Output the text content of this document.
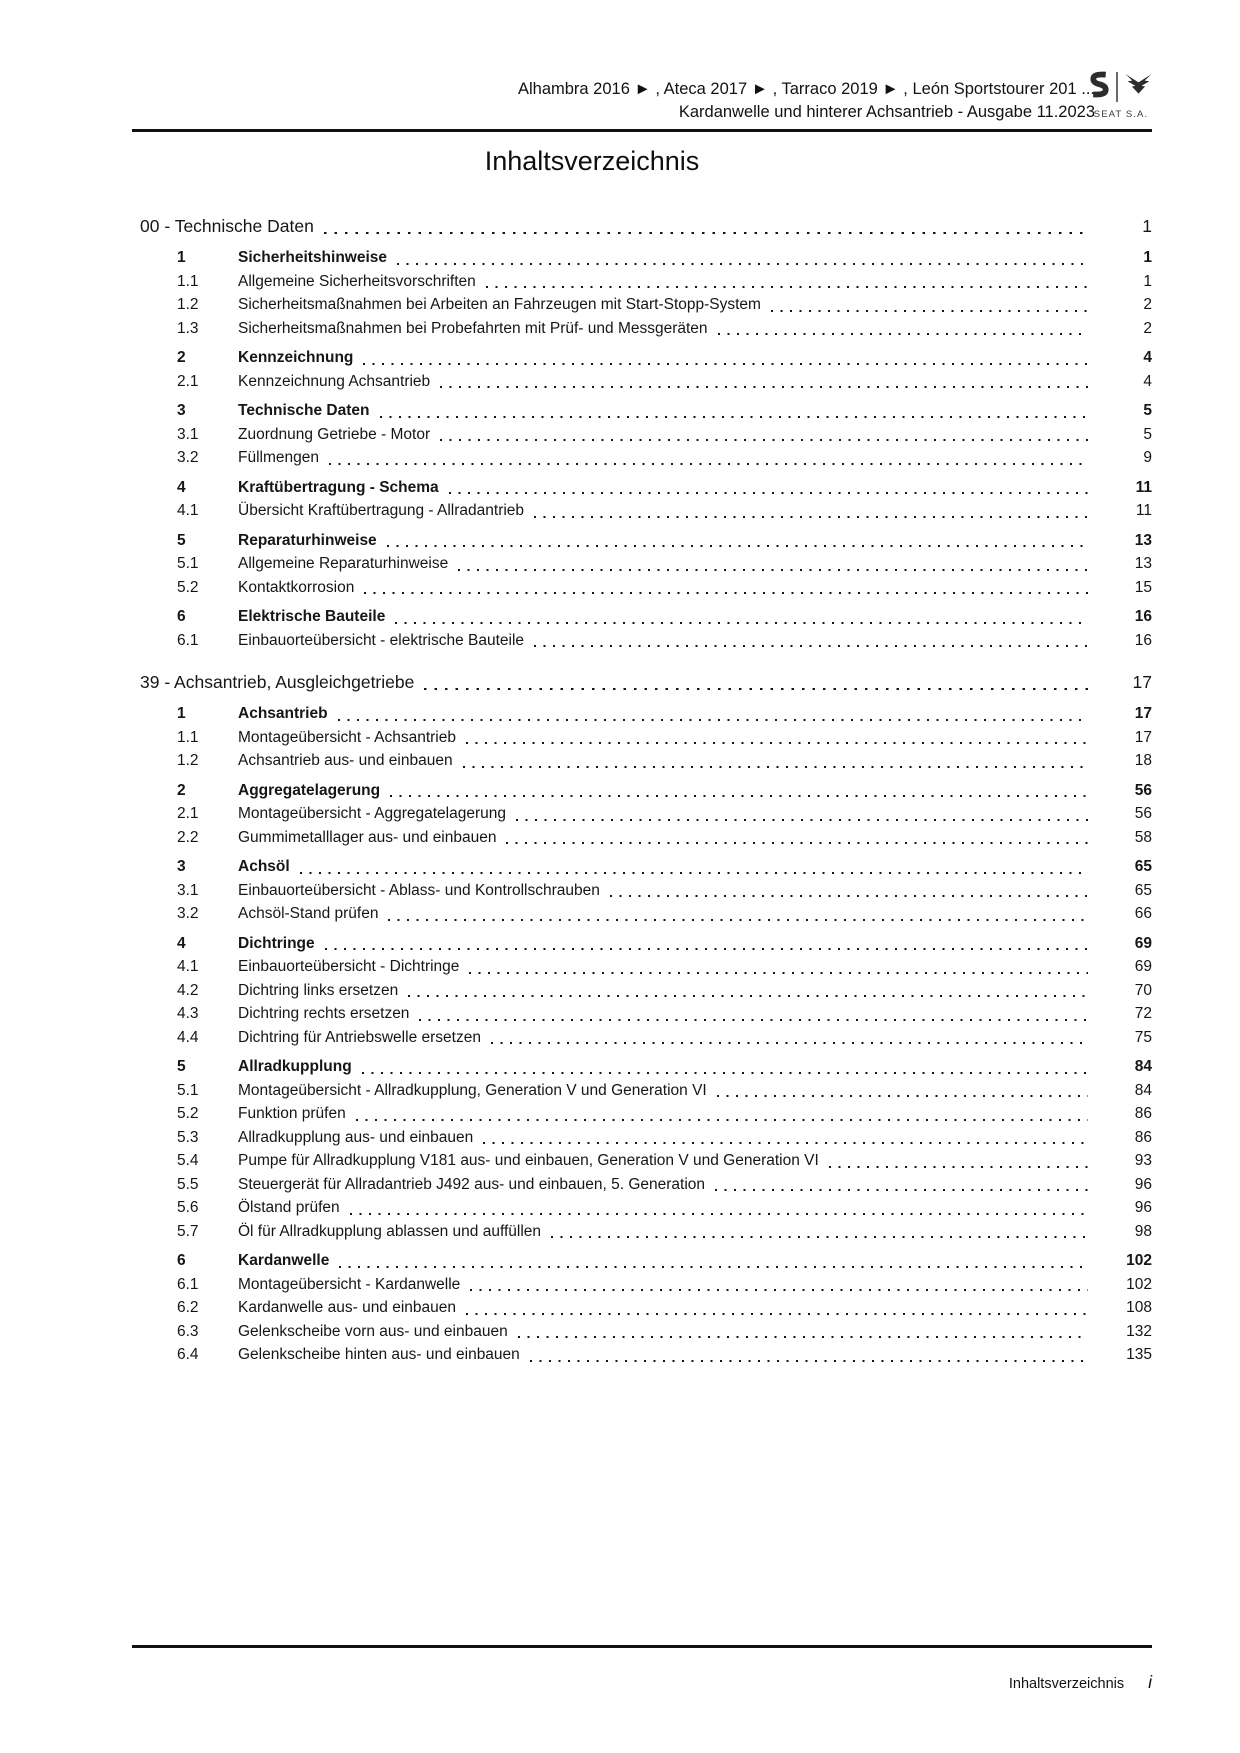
Alhambra 2016 ► , Ateca 2017 ► , Tarraco 2019 ► , León Sportstourer 201 ...
Kardanwelle und hinterer Achsantrieb - Ausgabe 11.2023
SEAT S.A.
Inhaltsverzeichnis
00 - Technische Daten	1
1	Sicherheitshinweise	1
1.1	Allgemeine Sicherheitsvorschriften	1
1.2	Sicherheitsmaßnahmen bei Arbeiten an Fahrzeugen mit Start-Stopp-System	2
1.3	Sicherheitsmaßnahmen bei Probefahrten mit Prüf- und Messgeräten	2
2	Kennzeichnung	4
2.1	Kennzeichnung Achsantrieb	4
3	Technische Daten	5
3.1	Zuordnung Getriebe - Motor	5
3.2	Füllmengen	9
4	Kraftübertragung - Schema	11
4.1	Übersicht Kraftübertragung - Allradantrieb	11
5	Reparaturhinweise	13
5.1	Allgemeine Reparaturhinweise	13
5.2	Kontaktkorrosion	15
6	Elektrische Bauteile	16
6.1	Einbauorteübersicht - elektrische Bauteile	16
39 - Achsantrieb, Ausgleichgetriebe	17
1	Achsantrieb	17
1.1	Montageübersicht - Achsantrieb	17
1.2	Achsantrieb aus- und einbauen	18
2	Aggregatelagerung	56
2.1	Montageübersicht - Aggregatelagerung	56
2.2	Gummimetalllager aus- und einbauen	58
3	Achsöl	65
3.1	Einbauorteübersicht - Ablass- und Kontrollschrauben	65
3.2	Achsöl-Stand prüfen	66
4	Dichtringe	69
4.1	Einbauorteübersicht - Dichtringe	69
4.2	Dichtring links ersetzen	70
4.3	Dichtring rechts ersetzen	72
4.4	Dichtring für Antriebswelle ersetzen	75
5	Allradkupplung	84
5.1	Montageübersicht - Allradkupplung, Generation V und Generation VI	84
5.2	Funktion prüfen	86
5.3	Allradkupplung aus- und einbauen	86
5.4	Pumpe für Allradkupplung V181 aus- und einbauen, Generation V und Generation VI	93
5.5	Steuergerät für Allradantrieb J492 aus- und einbauen, 5. Generation	96
5.6	Ölstand prüfen	96
5.7	Öl für Allradkupplung ablassen und auffüllen	98
6	Kardanwelle	102
6.1	Montageübersicht - Kardanwelle	102
6.2	Kardanwelle aus- und einbauen	108
6.3	Gelenkscheibe vorn aus- und einbauen	132
6.4	Gelenkscheibe hinten aus- und einbauen	135
Inhaltsverzeichnis i
